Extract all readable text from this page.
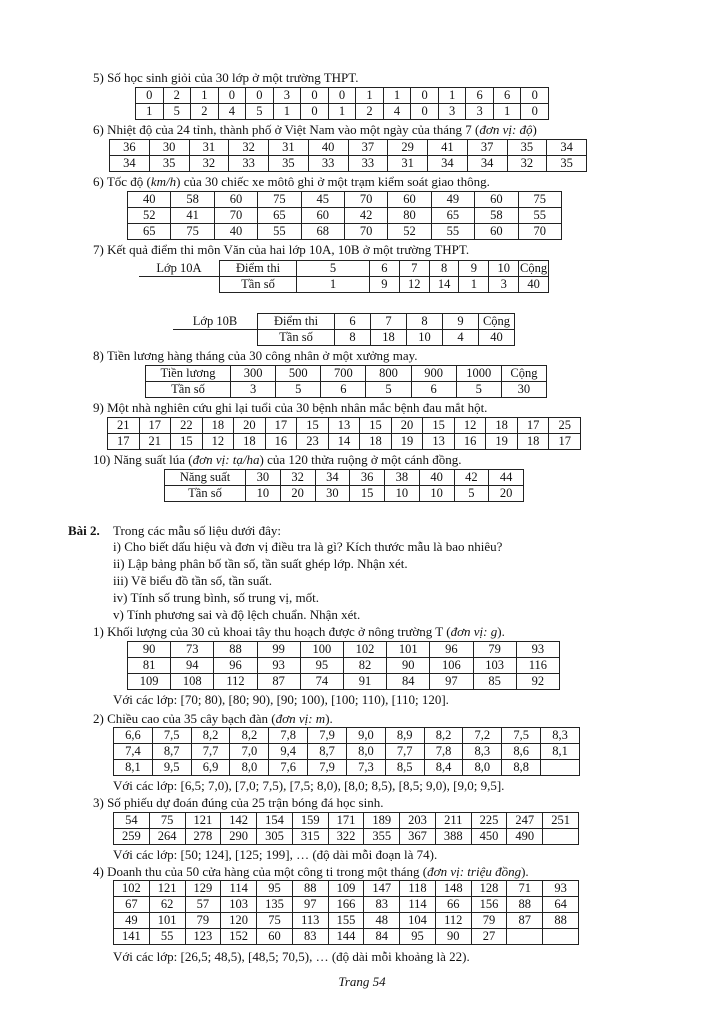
5) Số học sinh giỏi của 30 lớp ở một trường THPT.
0	2	1	0	0	3	0	0	1	1	0	1	6	6	0
1	5	2	4	5	1	0	1	2	4	0	3	3	1	0
6) Nhiệt độ của 24 tỉnh, thành phố ở Việt Nam vào một ngày của tháng 7 (đơn vị: độ)
36	30	31	32	31	40	37	29	41	37	35	34
34	35	32	33	35	33	33	31	34	34	32	35
6) Tốc độ (km/h) của 30 chiếc xe môtô ghi ở một trạm kiểm soát giao thông.
40	58	60	75	45	70	60	49	60	75
52	41	70	65	60	42	80	65	58	55
65	75	40	55	68	70	52	55	60	70
7) Kết quả điểm thi môn Văn của hai lớp 10A, 10B ở một trường THPT.
Lớp 10A	Điểm thi	5	6	7	8	9	10	Cộng
	Tần số	1	9	12	14	1	3	40
Lớp 10B	Điểm thi	6	7	8	9	Cộng
	Tần số	8	18	10	4	40
8) Tiền lương hàng tháng của 30 công nhân ở một xưởng may.
Tiền lương	300	500	700	800	900	1000	Cộng
Tần số	3	5	6	5	6	5	30
9) Một nhà nghiên cứu ghi lại tuổi của 30 bệnh nhân mắc bệnh đau mắt hột.
21	17	22	18	20	17	15	13	15	20	15	12	18	17	25
17	21	15	12	18	16	23	14	18	19	13	16	19	18	17
10) Năng suất lúa (đơn vị: tạ/ha) của 120 thửa ruộng ở một cánh đồng.
Năng suất	30	32	34	36	38	40	42	44
Tần số	10	20	30	15	10	10	5	20
Bài 2. Trong các mẫu số liệu dưới đây:
i) Cho biết dấu hiệu và đơn vị điều tra là gì? Kích thước mẫu là bao nhiêu?
ii) Lập bảng phân bố tần số, tần suất ghép lớp. Nhận xét.
iii) Vẽ biểu đồ tần số, tần suất.
iv) Tính số trung bình, số trung vị, mốt.
v) Tính phương sai và độ lệch chuẩn. Nhận xét.
1) Khối lượng của 30 củ khoai tây thu hoạch được ở nông trường T (đơn vị: g).
90	73	88	99	100	102	101	96	79	93
81	94	96	93	95	82	90	106	103	116
109	108	112	87	74	91	84	97	85	92
Với các lớp: [70; 80), [80; 90), [90; 100), [100; 110), [110; 120].
2) Chiều cao của 35 cây bạch đàn (đơn vị: m).
6,6	7,5	8,2	8,2	7,8	7,9	9,0	8,9	8,2	7,2	7,5	8,3
7,4	8,7	7,7	7,0	9,4	8,7	8,0	7,7	7,8	8,3	8,6	8,1
8,1	9,5	6,9	8,0	7,6	7,9	7,3	8,5	8,4	8,0	8,8	
Với các lớp: [6,5; 7,0), [7,0; 7,5), [7,5; 8,0), [8,0; 8,5), [8,5; 9,0), [9,0; 9,5].
3) Số phiếu dự đoán đúng của 25 trận bóng đá học sinh.
54	75	121	142	154	159	171	189	203	211	225	247	251
259	264	278	290	305	315	322	355	367	388	450	490	
Với các lớp: [50; 124], [125; 199], … (độ dài mỗi đoạn là 74).
4) Doanh thu của 50 cửa hàng của một công ti trong một tháng (đơn vị: triệu đồng).
102	121	129	114	95	88	109	147	118	148	128	71	93
67	62	57	103	135	97	166	83	114	66	156	88	64
49	101	79	120	75	113	155	48	104	112	79	87	88
141	55	123	152	60	83	144	84	95	90	27		
Với các lớp: [26,5; 48,5), [48,5; 70,5), … (độ dài mỗi khoảng là 22).
Trang 54
